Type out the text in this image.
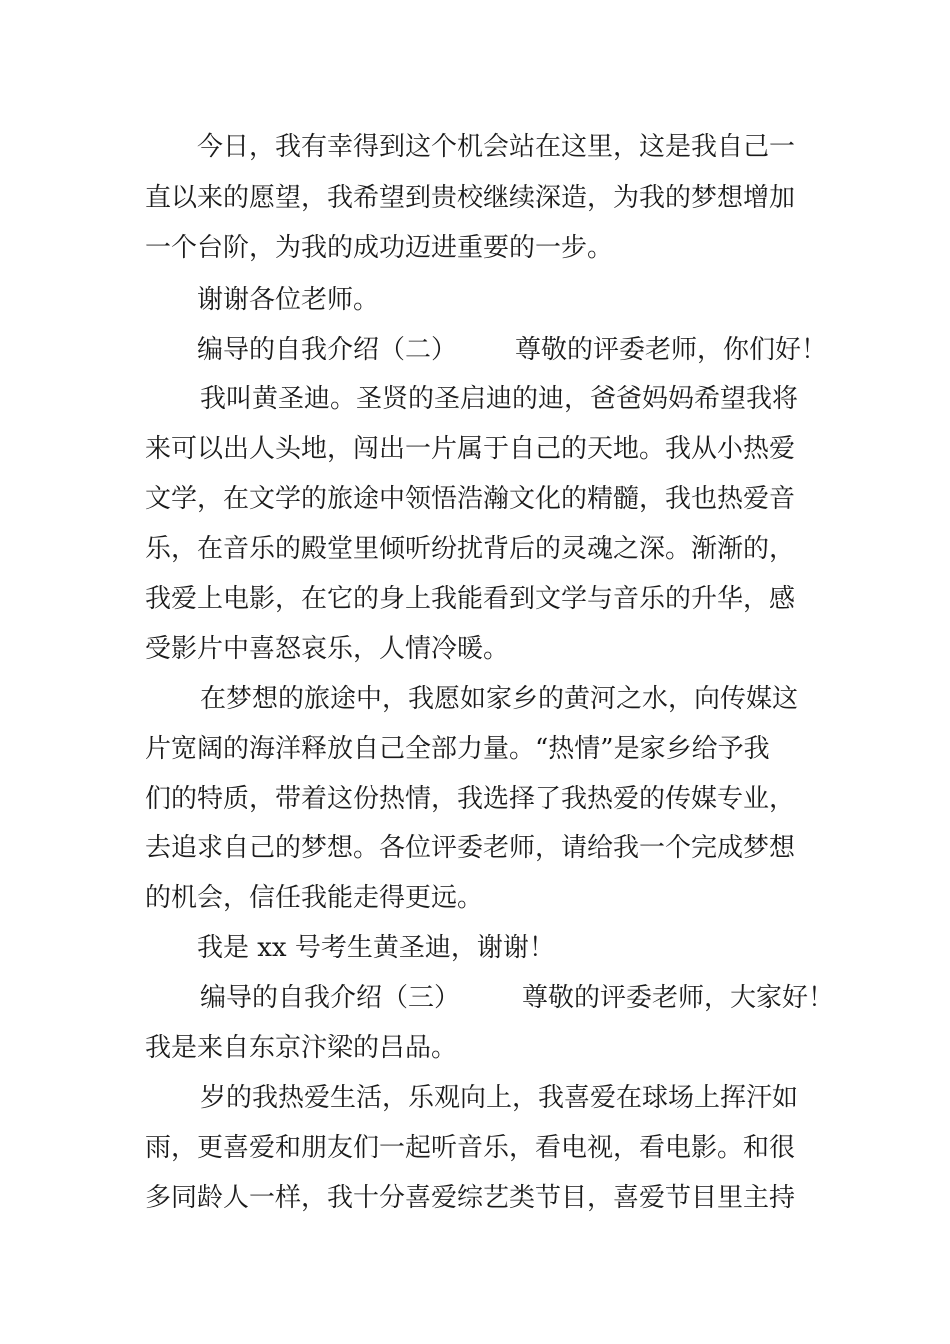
今日，我有幸得到这个机会站在这里，这是我自己一
直以来的愿望，我希望到贵校继续深造，为我的梦想增加
一个台阶，为我的成功迈进重要的一步。
谢谢各位老师。
编导的自我介绍（二） 尊敬的评委老师，你们好！
我叫黄圣迪。圣贤的圣启迪的迪，爸爸妈妈希望我将
来可以出人头地，闯出一片属于自己的天地。我从小热爱
文学，在文学的旅途中领悟浩瀚文化的精髓，我也热爱音
乐，在音乐的殿堂里倾听纷扰背后的灵魂之深。渐渐的，
我爱上电影，在它的身上我能看到文学与音乐的升华，感
受影片中喜怒哀乐，人情冷暖。
在梦想的旅途中，我愿如家乡的黄河之水，向传媒这
片宽阔的海洋释放自己全部力量。“热情”是家乡给予我
们的特质，带着这份热情，我选择了我热爱的传媒专业，
去追求自己的梦想。各位评委老师，请给我一个完成梦想
的机会，信任我能走得更远。
我是 xx 号考生黄圣迪，谢谢！
编导的自我介绍（三） 尊敬的评委老师，大家好！
我是来自东京汴梁的吕品。
岁的我热爱生活，乐观向上，我喜爱在球场上挥汗如
雨，更喜爱和朋友们一起听音乐，看电视，看电影。和很
多同龄人一样，我十分喜爱综艺类节目，喜爱节目里主持
